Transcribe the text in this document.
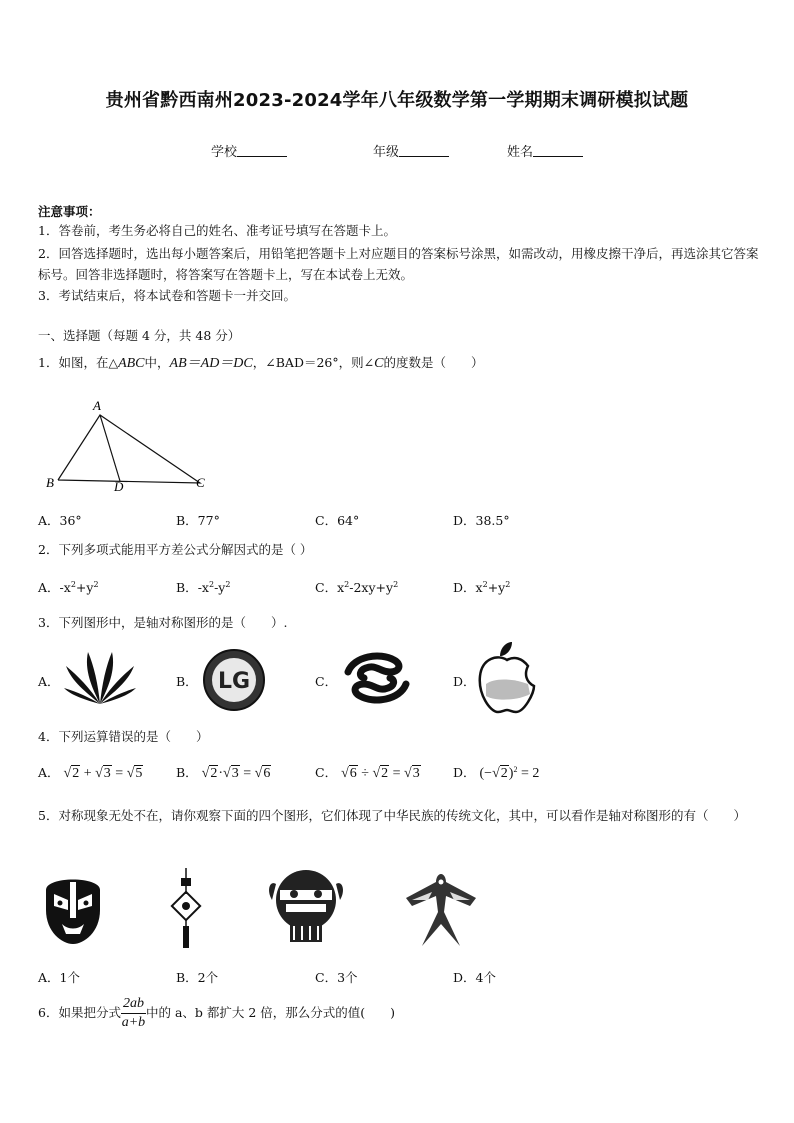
贵州省黔西南州2023-2024学年八年级数学第一学期期末调研模拟试题
学校	年级	姓名
注意事项：
1．答卷前，考生务必将自己的姓名、准考证号填写在答题卡上。
2．回答选择题时，选出每小题答案后，用铅笔把答题卡上对应题目的答案标号涂黑，如需改动，用橡皮擦干净后，再选涂其它答案标号。回答非选择题时，将答案写在答题卡上，写在本试卷上无效。
3．考试结束后，将本试卷和答题卡一并交回。
一、选择题（每题 4 分，共 48 分）
1．如图，在△ABC中，AB＝AD＝DC，∠BAD＝26°，则∠C的度数是（　　）
A
B	D	C
A．36°	B．77°	C．64°	D．38.5°
2．下列多项式能用平方差公式分解因式的是（ ）
A．$-x^2+y^2$	B．$-x^2-y^2$	C．$x^2-2xy+y^2$	D．$x^2+y^2$
3．下列图形中，是轴对称图形的是（　　）.
A．	B． LG	C．	D．
4．下列运算错误的是（　　）
A． √2 + √3 = √5	B． √2·√3 = √6	C． √6 ÷ √2 = √3	D． $(-√2)^2 = 2$
5．对称现象无处不在，请你观察下面的四个图形，它们体现了中华民族的传统文化，其中，可以看作是轴对称图形的有（　　）
A．1个	B．2个	C．3个	D．4个
6．如果把分式 $\frac{2ab}{a+b}$ 中的 a、b 都扩大 2 倍，那么分式的值(　　)
